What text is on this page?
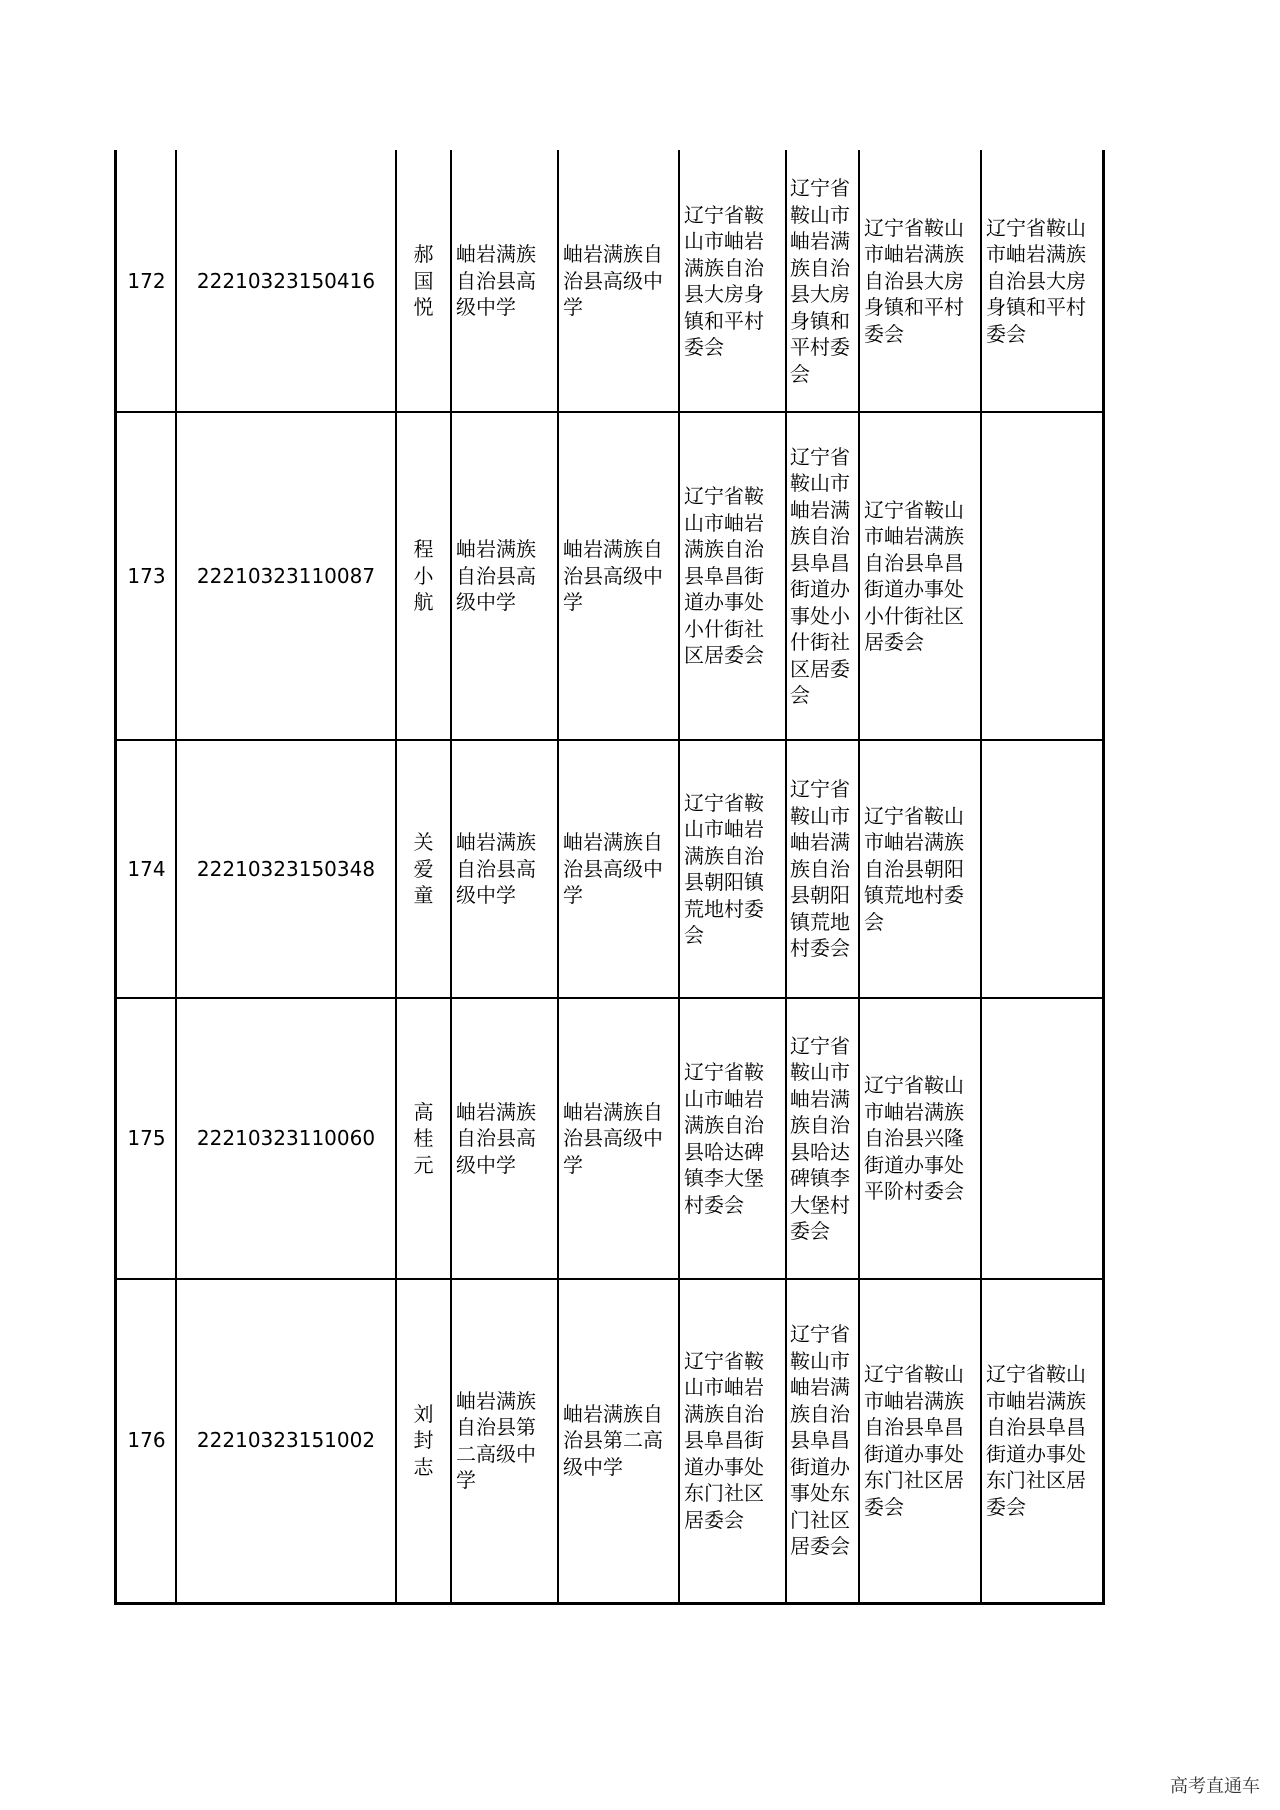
172 22210323150416
郝国悦
岫岩满族自治县高级中学
岫岩满族自治县高级中学
辽宁省鞍山市岫岩满族自治县大房身镇和平村委会
辽宁省鞍山市岫岩满族自治县大房身镇和平村委会
辽宁省鞍山市岫岩满族自治县大房身镇和平村委会
辽宁省鞍山市岫岩满族自治县大房身镇和平村委会
173 22210323110087
程小航
岫岩满族自治县高级中学
岫岩满族自治县高级中学
辽宁省鞍山市岫岩满族自治县阜昌街道办事处小什街社区居委会
辽宁省鞍山市岫岩满族自治县阜昌街道办事处小什街社区居委会
辽宁省鞍山市岫岩满族自治县阜昌街道办事处小什街社区居委会
174 22210323150348
关爱童
岫岩满族自治县高级中学
岫岩满族自治县高级中学
辽宁省鞍山市岫岩满族自治县朝阳镇荒地村委会
辽宁省鞍山市岫岩满族自治县朝阳镇荒地村委会
辽宁省鞍山市岫岩满族自治县朝阳镇荒地村委会
175 22210323110060
高桂元
岫岩满族自治县高级中学
岫岩满族自治县高级中学
辽宁省鞍山市岫岩满族自治县哈达碑镇李大堡村委会
辽宁省鞍山市岫岩满族自治县哈达碑镇李大堡村委会
辽宁省鞍山市岫岩满族自治县兴隆街道办事处平阶村委会
176 22210323151002
刘封志
岫岩满族自治县第二高级中学
岫岩满族自治县第二高级中学
辽宁省鞍山市岫岩满族自治县阜昌街道办事处东门社区居委会
辽宁省鞍山市岫岩满族自治县阜昌街道办事处东门社区居委会
辽宁省鞍山市岫岩满族自治县阜昌街道办事处东门社区居委会
辽宁省鞍山市岫岩满族自治县阜昌街道办事处东门社区居委会
高考直通车
